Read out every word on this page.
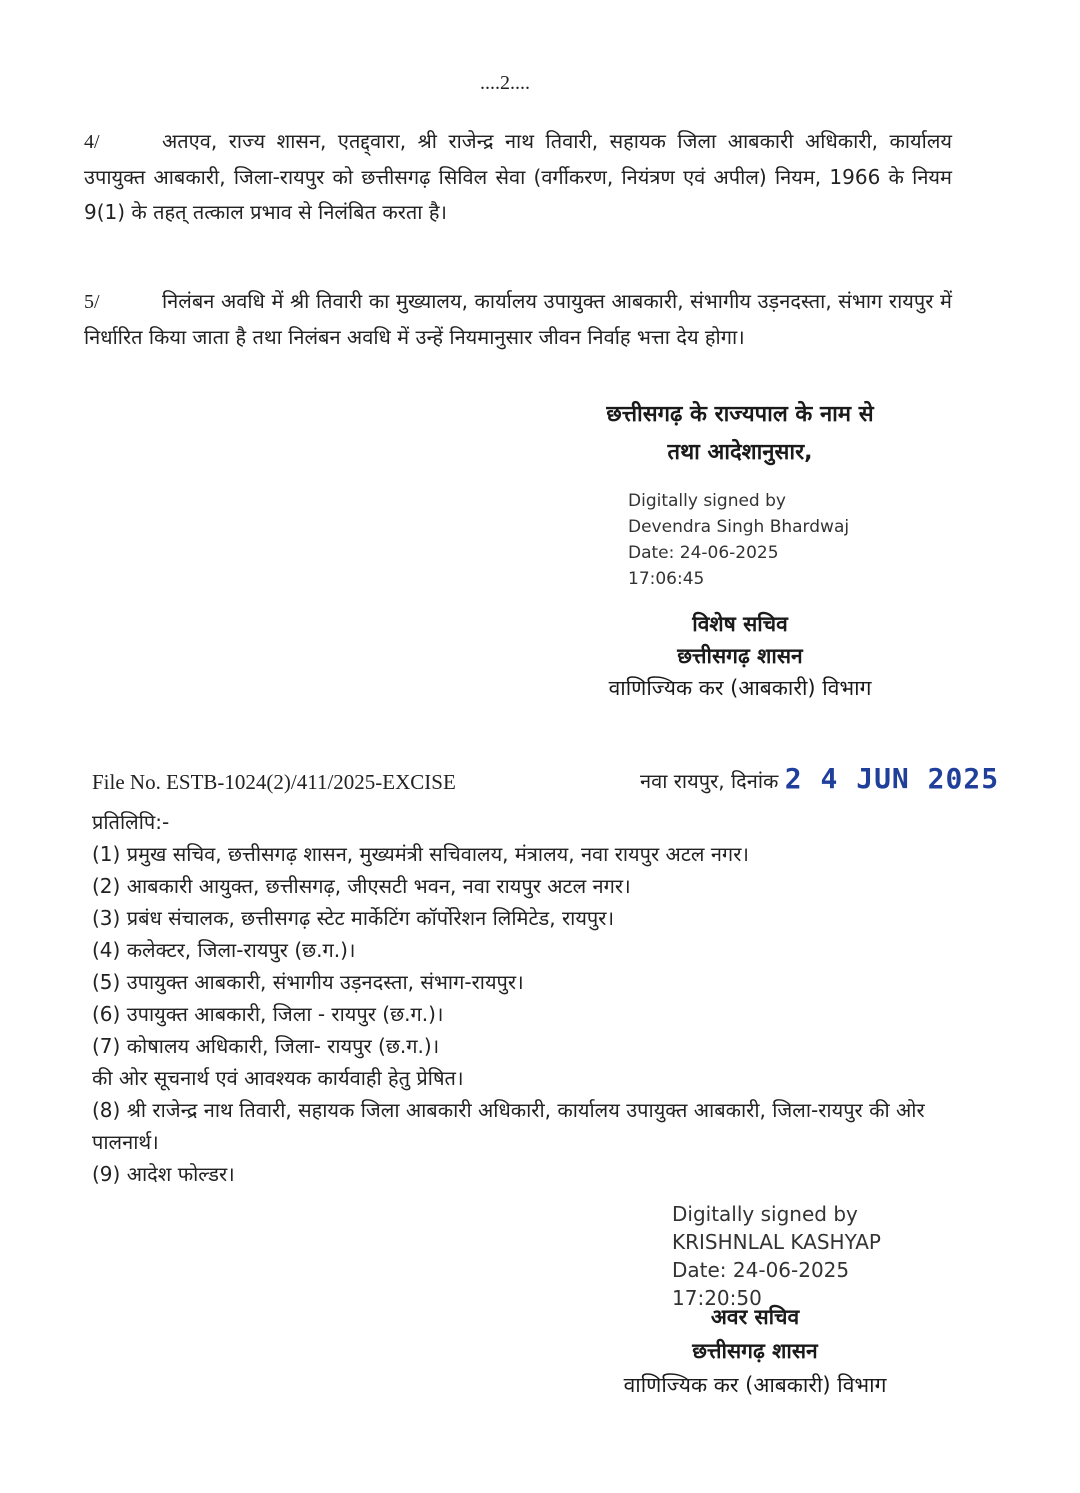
....2....
4/	अतएव, राज्य शासन, एतद्द्वारा, श्री राजेन्द्र नाथ तिवारी, सहायक जिला आबकारी अधिकारी, कार्यालय उपायुक्त आबकारी, जिला-रायपुर को छत्तीसगढ़ सिविल सेवा (वर्गीकरण, नियंत्रण एवं अपील) नियम, 1966 के नियम 9(1) के तहत् तत्काल प्रभाव से निलंबित करता है।
5/	निलंबन अवधि में श्री तिवारी का मुख्यालय, कार्यालय उपायुक्त आबकारी, संभागीय उड़नदस्ता, संभाग रायपुर में निर्धारित किया जाता है तथा निलंबन अवधि में उन्हें नियमानुसार जीवन निर्वाह भत्ता देय होगा।
छत्तीसगढ़ के राज्यपाल के नाम से
तथा आदेशानुसार,
Digitally signed by
Devendra Singh Bhardwaj
Date: 24-06-2025
17:06:45
विशेष सचिव
छत्तीसगढ़ शासन
वाणिज्यिक कर (आबकारी) विभाग
File No. ESTB-1024(2)/411/2025-EXCISE	नवा रायपुर, दिनांक 2 4 JUN 2025
प्रतिलिपि:-
(1) प्रमुख सचिव, छत्तीसगढ़ शासन, मुख्यमंत्री सचिवालय, मंत्रालय, नवा रायपुर अटल नगर।
(2) आबकारी आयुक्त, छत्तीसगढ़, जीएसटी भवन, नवा रायपुर अटल नगर।
(3) प्रबंध संचालक, छत्तीसगढ़ स्टेट मार्केटिंग कॉर्पोरेशन लिमिटेड, रायपुर।
(4) कलेक्टर, जिला-रायपुर (छ.ग.)।
(5) उपायुक्त आबकारी, संभागीय उड़नदस्ता, संभाग-रायपुर।
(6) उपायुक्त आबकारी, जिला - रायपुर (छ.ग.)।
(7) कोषालय अधिकारी, जिला- रायपुर (छ.ग.)।
की ओर सूचनार्थ एवं आवश्यक कार्यवाही हेतु प्रेषित।
(8) श्री राजेन्द्र नाथ तिवारी, सहायक जिला आबकारी अधिकारी, कार्यालय उपायुक्त आबकारी, जिला-रायपुर की ओर पालनार्थ।
(9) आदेश फोल्डर।
Digitally signed by
KRISHNLAL KASHYAP
Date: 24-06-2025
17:20:50
अवर सचिव
छत्तीसगढ़ शासन
वाणिज्यिक कर (आबकारी) विभाग
